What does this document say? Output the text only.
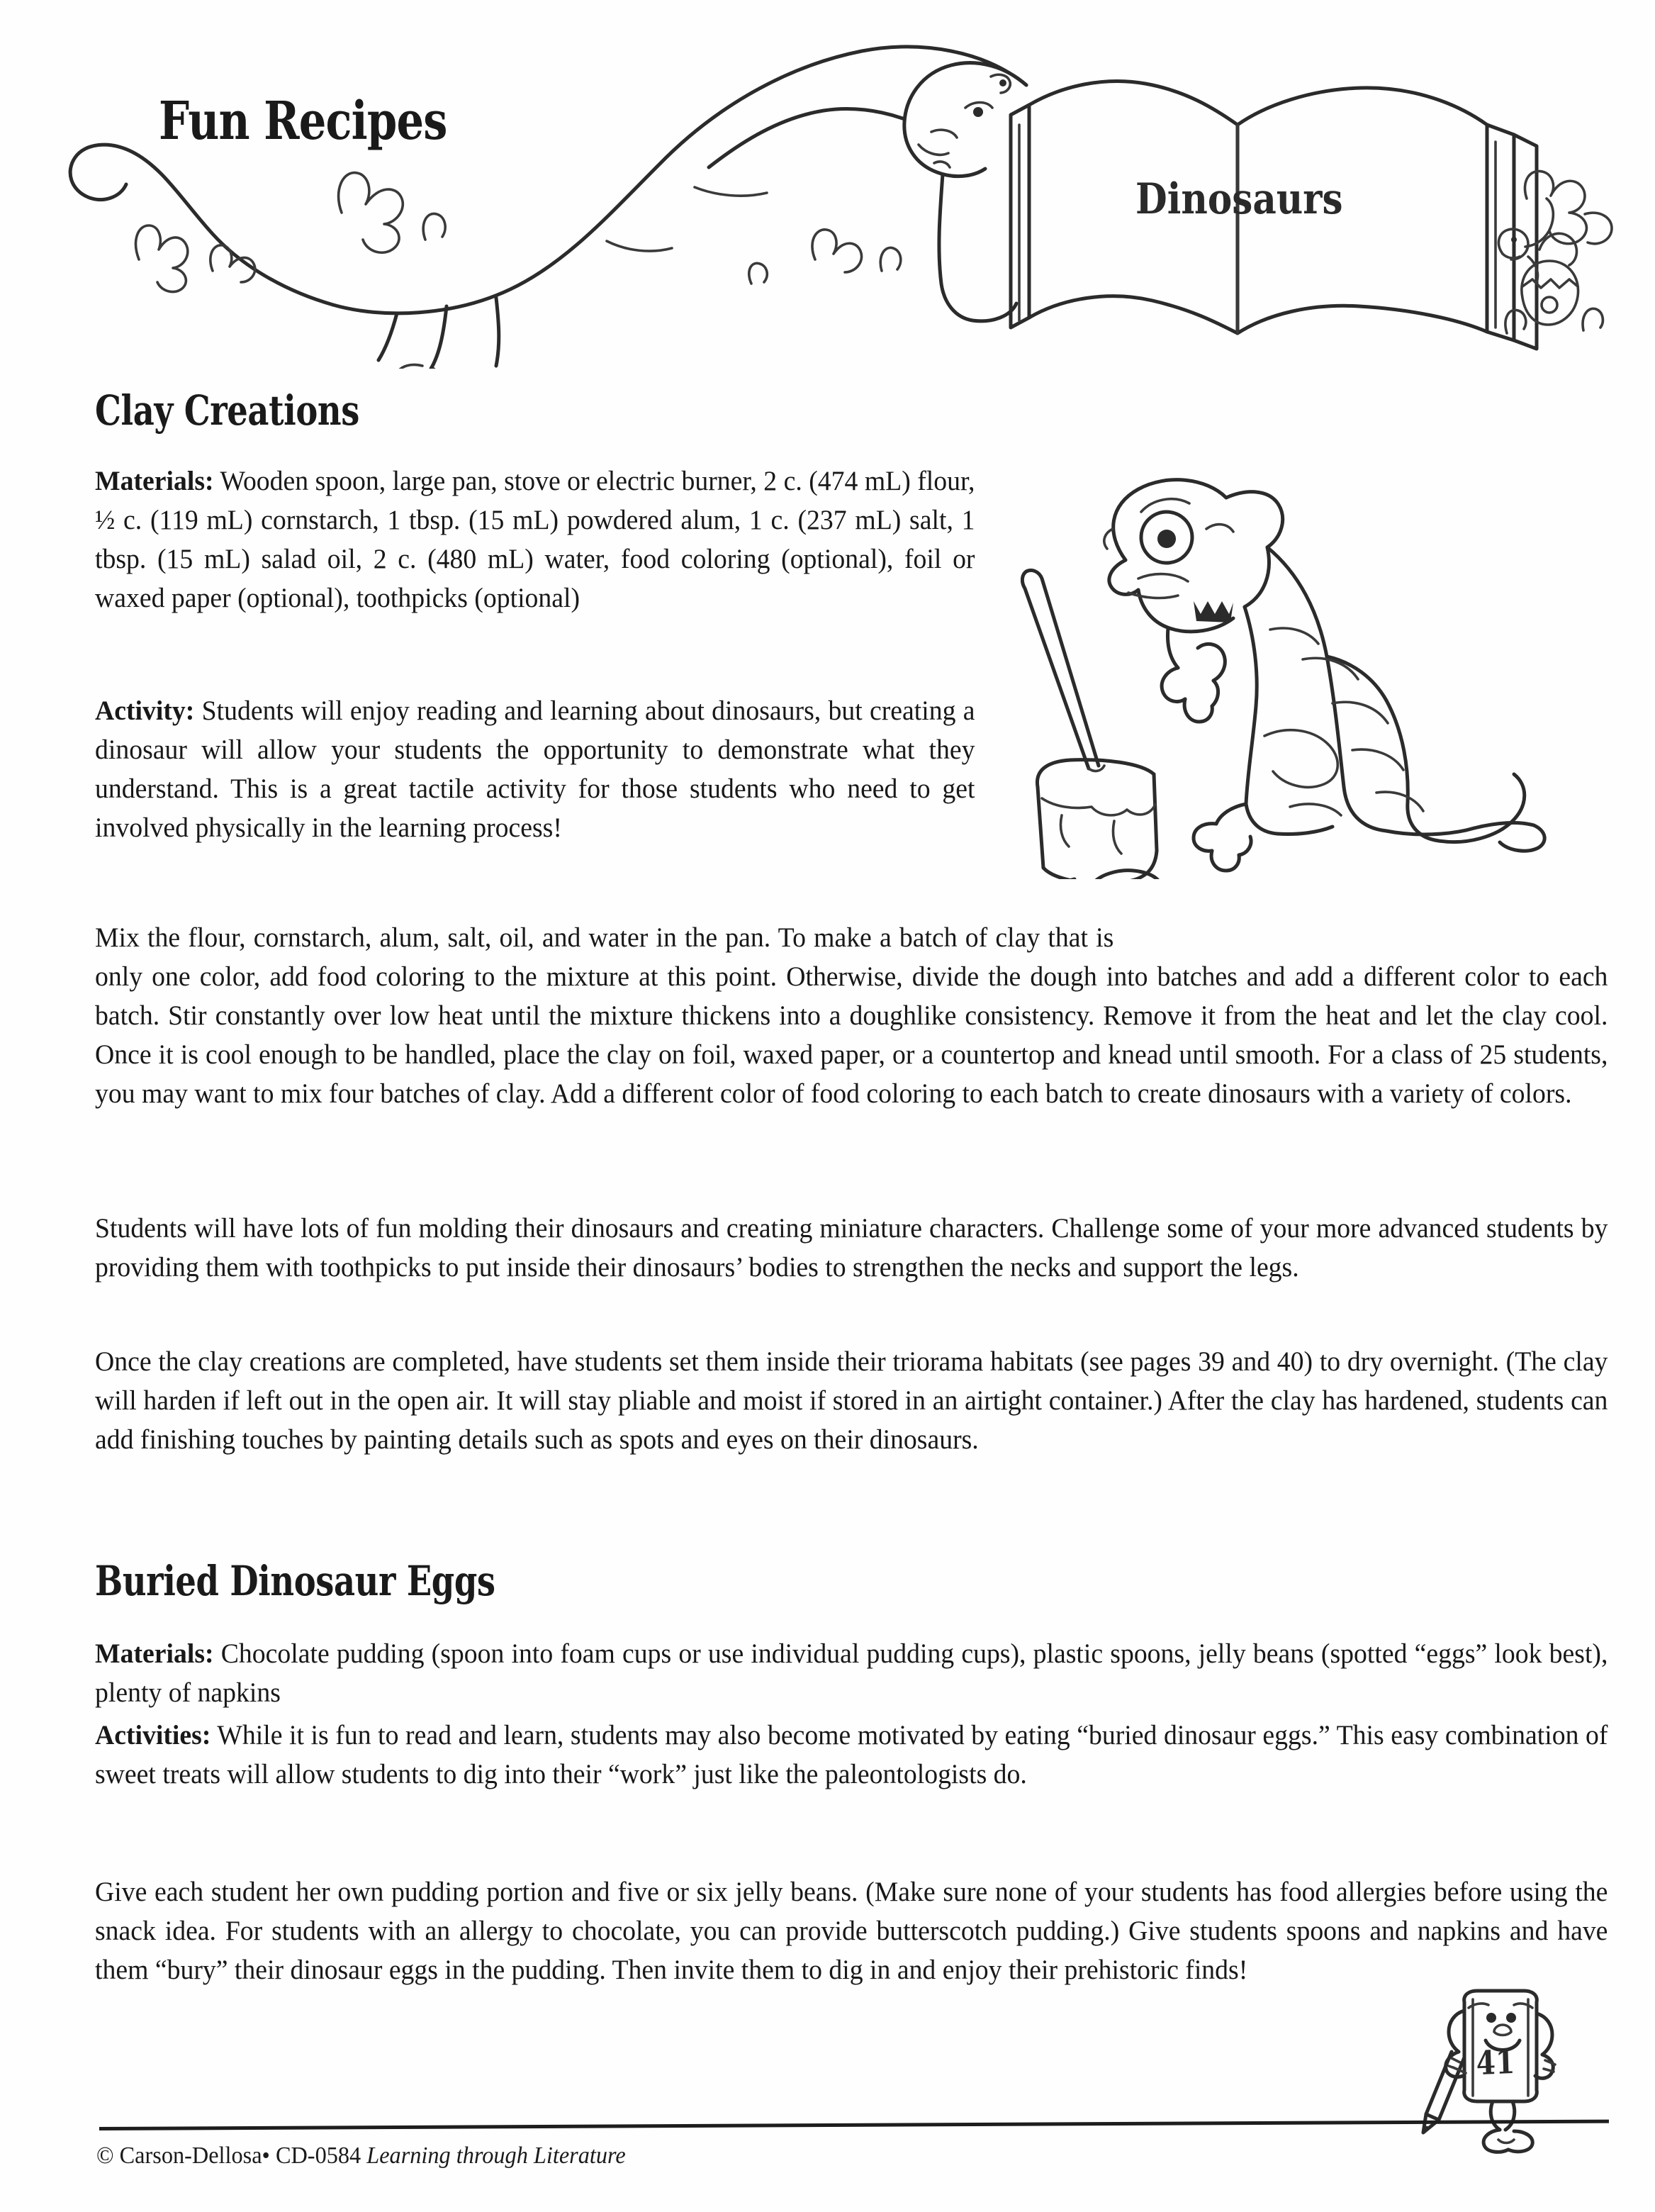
Fun Recipes
Dinosaurs
Clay Creations

Materials: Wooden spoon, large pan, stove or electric burner, 2 c. (474 mL) flour, ½ c. (119 mL) cornstarch, 1 tbsp. (15 mL) powdered alum, 1 c. (237 mL) salt, 1 tbsp. (15 mL) salad oil, 2 c. (480 mL) water, food coloring (optional), foil or waxed paper (optional), toothpicks (optional)

Activity: Students will enjoy reading and learning about dinosaurs, but creating a dinosaur will allow your students the opportunity to demonstrate what they understand. This is a great tactile activity for those students who need to get involved physically in the learning process!

Mix the flour, cornstarch, alum, salt, oil, and water in the pan. To make a batch of clay that is only one color, add food coloring to the mixture at this point. Otherwise, divide the dough into batches and add a different color to each batch. Stir constantly over low heat until the mixture thickens into a doughlike consistency. Remove it from the heat and let the clay cool. Once it is cool enough to be handled, place the clay on foil, waxed paper, or a countertop and knead until smooth. For a class of 25 students, you may want to mix four batches of clay. Add a different color of food coloring to each batch to create dinosaurs with a variety of colors.

Students will have lots of fun molding their dinosaurs and creating miniature characters. Challenge some of your more advanced students by providing them with toothpicks to put inside their dinosaurs’ bodies to strengthen the necks and support the legs.

Once the clay creations are completed, have students set them inside their triorama habitats (see pages 39 and 40) to dry overnight. (The clay will harden if left out in the open air. It will stay pliable and moist if stored in an airtight container.) After the clay has hardened, students can add finishing touches by painting details such as spots and eyes on their dinosaurs.

Buried Dinosaur Eggs

Materials: Chocolate pudding (spoon into foam cups or use individual pudding cups), plastic spoons, jelly beans (spotted “eggs” look best), plenty of napkins

Activities: While it is fun to read and learn, students may also become motivated by eating “buried dinosaur eggs.” This easy combination of sweet treats will allow students to dig into their “work” just like the paleontologists do.

Give each student her own pudding portion and five or six jelly beans. (Make sure none of your students has food allergies before using the snack idea. For students with an allergy to chocolate, you can provide butterscotch pudding.) Give students spoons and napkins and have them “bury” their dinosaur eggs in the pudding. Then invite them to dig in and enjoy their prehistoric finds!

41
© Carson-Dellosa• CD-0584 Learning through Literature
